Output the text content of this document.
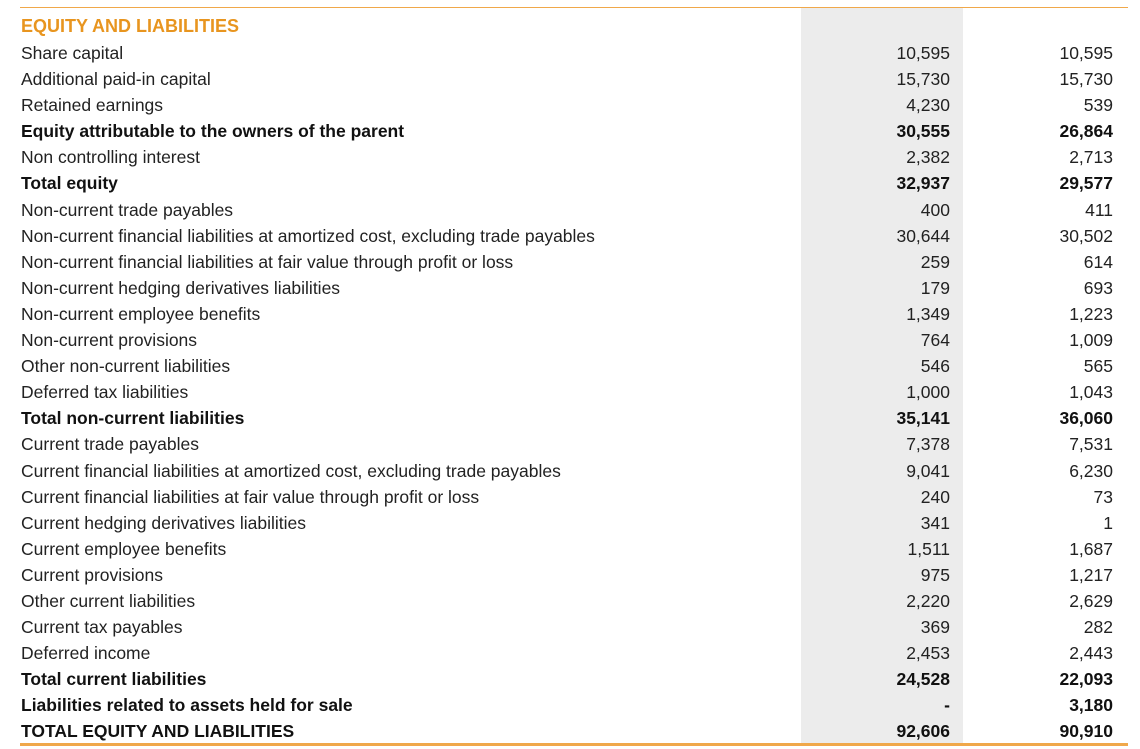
EQUITY AND LIABILITIES
Share capital	10,595	10,595
Additional paid-in capital	15,730	15,730
Retained earnings	4,230	539
Equity attributable to the owners of the parent	30,555	26,864
Non controlling interest	2,382	2,713
Total equity	32,937	29,577
Non-current trade payables	400	411
Non-current financial liabilities at amortized cost, excluding trade payables	30,644	30,502
Non-current financial liabilities at fair value through profit or loss	259	614
Non-current hedging derivatives liabilities	179	693
Non-current employee benefits	1,349	1,223
Non-current provisions	764	1,009
Other non-current liabilities	546	565
Deferred tax liabilities	1,000	1,043
Total non-current liabilities	35,141	36,060
Current trade payables	7,378	7,531
Current financial liabilities at amortized cost, excluding trade payables	9,041	6,230
Current financial liabilities at fair value through profit or loss	240	73
Current hedging derivatives liabilities	341	1
Current employee benefits	1,511	1,687
Current provisions	975	1,217
Other current liabilities	2,220	2,629
Current tax payables	369	282
Deferred income	2,453	2,443
Total current liabilities	24,528	22,093
Liabilities related to assets held for sale	-	3,180
TOTAL EQUITY AND LIABILITIES	92,606	90,910
